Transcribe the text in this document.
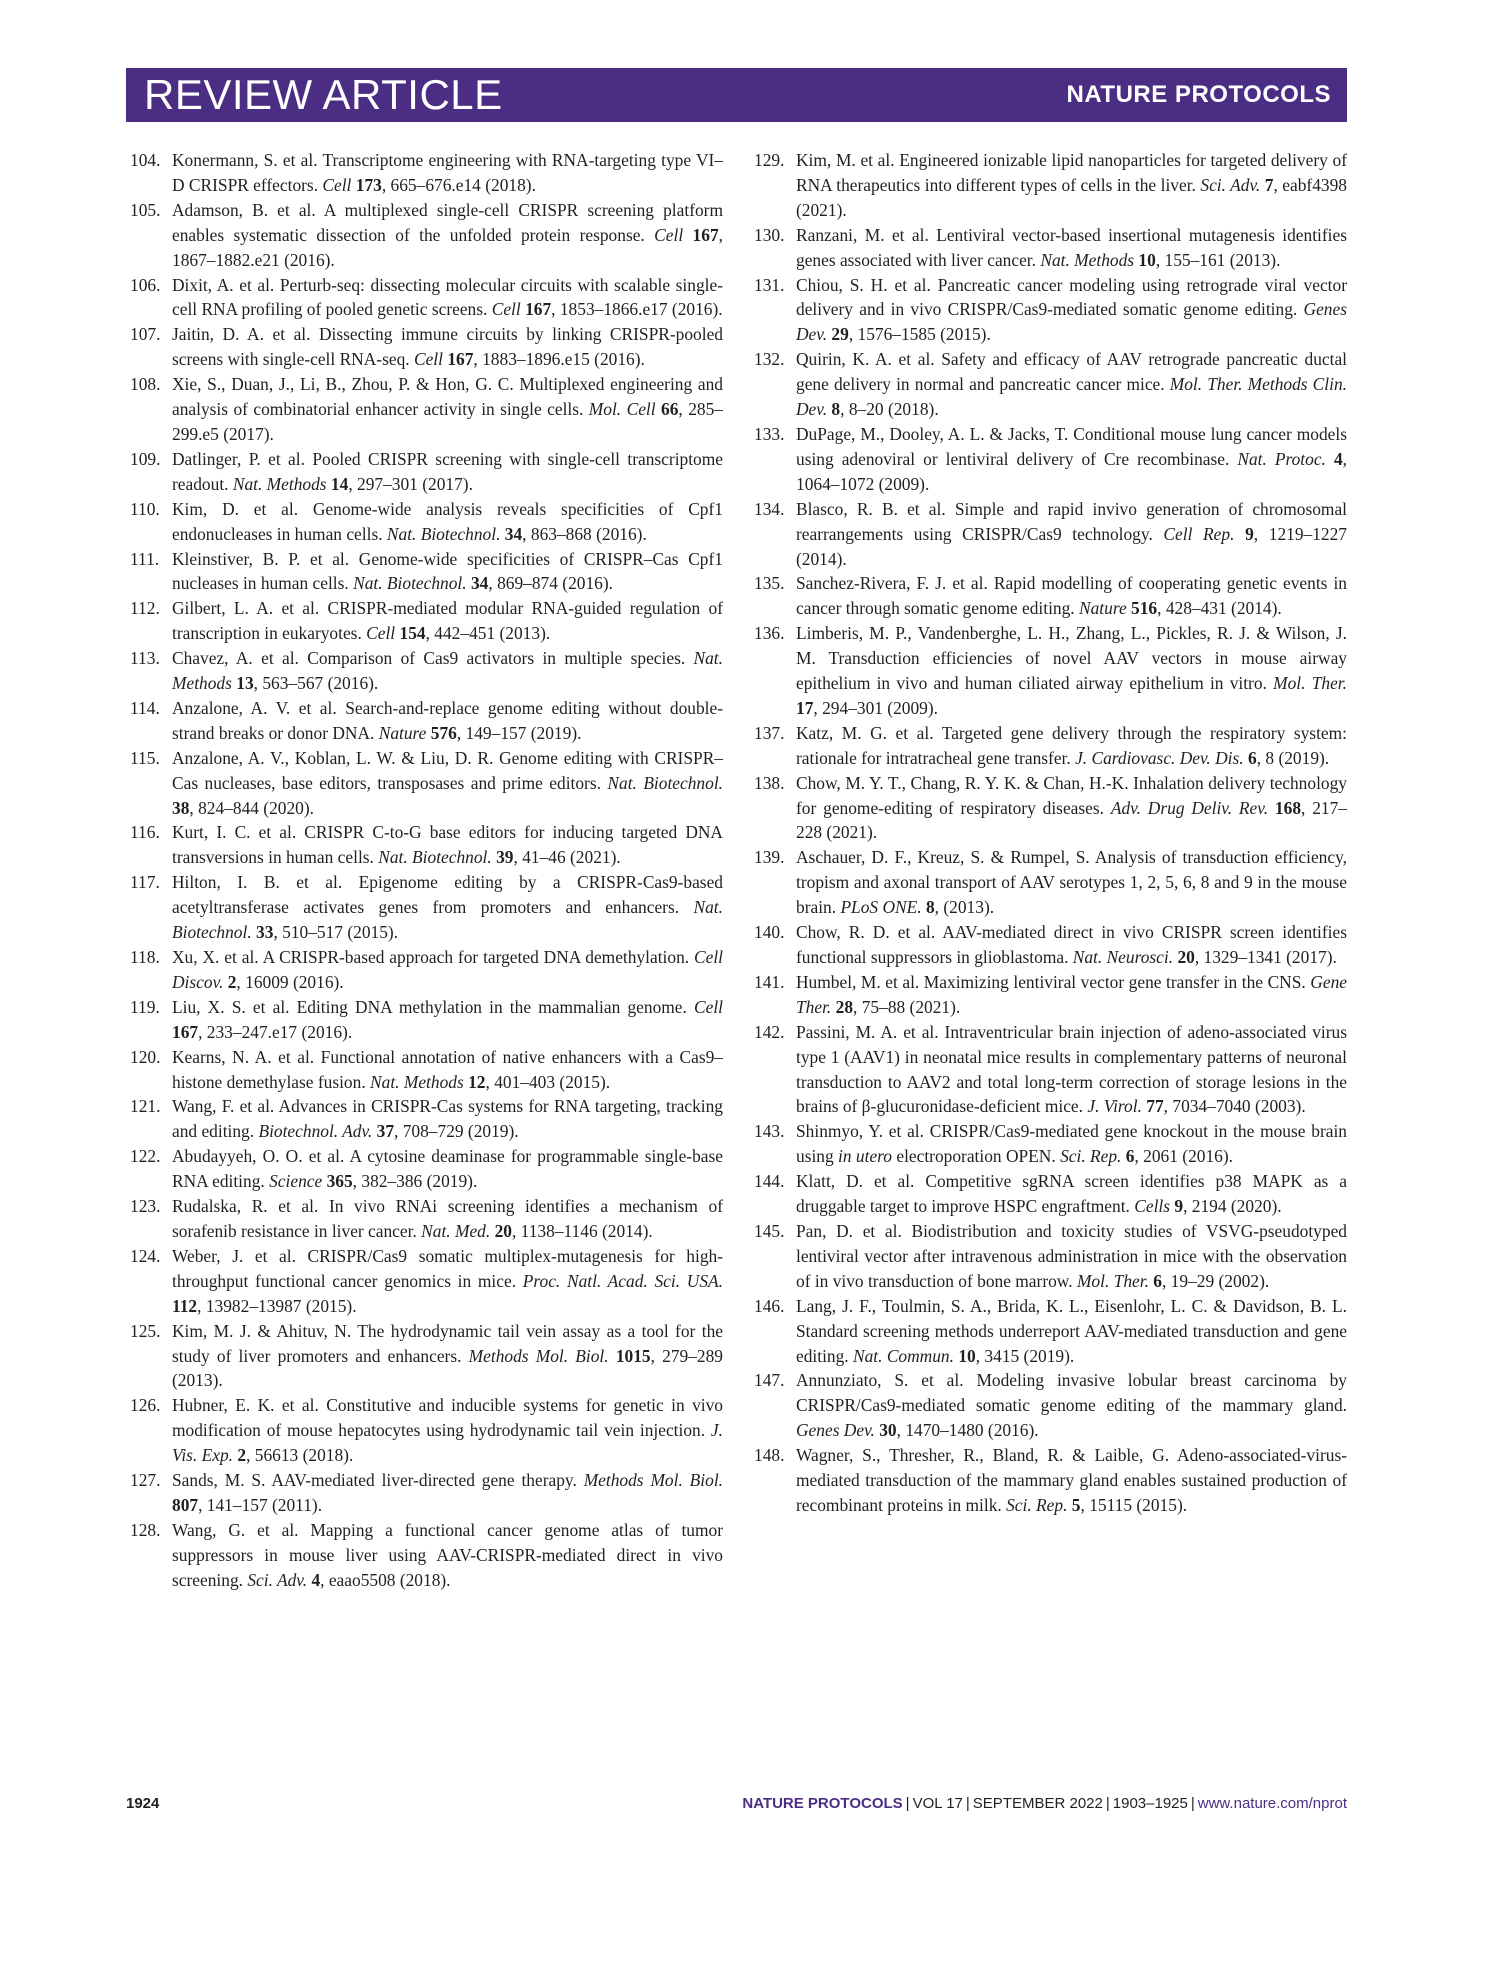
REVIEW ARTICLE	NATURE PROTOCOLS
104. Konermann, S. et al. Transcriptome engineering with RNA-targeting type VI–D CRISPR effectors. Cell 173, 665–676.e14 (2018).
105. Adamson, B. et al. A multiplexed single-cell CRISPR screening platform enables systematic dissection of the unfolded protein response. Cell 167, 1867–1882.e21 (2016).
106. Dixit, A. et al. Perturb-seq: dissecting molecular circuits with scalable single-cell RNA profiling of pooled genetic screens. Cell 167, 1853–1866.e17 (2016).
107. Jaitin, D. A. et al. Dissecting immune circuits by linking CRISPR-pooled screens with single-cell RNA-seq. Cell 167, 1883–1896.e15 (2016).
108. Xie, S., Duan, J., Li, B., Zhou, P. & Hon, G. C. Multiplexed engineering and analysis of combinatorial enhancer activity in single cells. Mol. Cell 66, 285–299.e5 (2017).
109. Datlinger, P. et al. Pooled CRISPR screening with single-cell transcriptome readout. Nat. Methods 14, 297–301 (2017).
110. Kim, D. et al. Genome-wide analysis reveals specificities of Cpf1 endonucleases in human cells. Nat. Biotechnol. 34, 863–868 (2016).
111. Kleinstiver, B. P. et al. Genome-wide specificities of CRISPR–Cas Cpf1 nucleases in human cells. Nat. Biotechnol. 34, 869–874 (2016).
112. Gilbert, L. A. et al. CRISPR-mediated modular RNA-guided regulation of transcription in eukaryotes. Cell 154, 442–451 (2013).
113. Chavez, A. et al. Comparison of Cas9 activators in multiple species. Nat. Methods 13, 563–567 (2016).
114. Anzalone, A. V. et al. Search-and-replace genome editing without double-strand breaks or donor DNA. Nature 576, 149–157 (2019).
115. Anzalone, A. V., Koblan, L. W. & Liu, D. R. Genome editing with CRISPR–Cas nucleases, base editors, transposases and prime editors. Nat. Biotechnol. 38, 824–844 (2020).
116. Kurt, I. C. et al. CRISPR C-to-G base editors for inducing targeted DNA transversions in human cells. Nat. Biotechnol. 39, 41–46 (2021).
117. Hilton, I. B. et al. Epigenome editing by a CRISPR-Cas9-based acetyltransferase activates genes from promoters and enhancers. Nat. Biotechnol. 33, 510–517 (2015).
118. Xu, X. et al. A CRISPR-based approach for targeted DNA demethylation. Cell Discov. 2, 16009 (2016).
119. Liu, X. S. et al. Editing DNA methylation in the mammalian genome. Cell 167, 233–247.e17 (2016).
120. Kearns, N. A. et al. Functional annotation of native enhancers with a Cas9–histone demethylase fusion. Nat. Methods 12, 401–403 (2015).
121. Wang, F. et al. Advances in CRISPR-Cas systems for RNA targeting, tracking and editing. Biotechnol. Adv. 37, 708–729 (2019).
122. Abudayyeh, O. O. et al. A cytosine deaminase for programmable single-base RNA editing. Science 365, 382–386 (2019).
123. Rudalska, R. et al. In vivo RNAi screening identifies a mechanism of sorafenib resistance in liver cancer. Nat. Med. 20, 1138–1146 (2014).
124. Weber, J. et al. CRISPR/Cas9 somatic multiplex-mutagenesis for high-throughput functional cancer genomics in mice. Proc. Natl. Acad. Sci. USA. 112, 13982–13987 (2015).
125. Kim, M. J. & Ahituv, N. The hydrodynamic tail vein assay as a tool for the study of liver promoters and enhancers. Methods Mol. Biol. 1015, 279–289 (2013).
126. Hubner, E. K. et al. Constitutive and inducible systems for genetic in vivo modification of mouse hepatocytes using hydrodynamic tail vein injection. J. Vis. Exp. 2, 56613 (2018).
127. Sands, M. S. AAV-mediated liver-directed gene therapy. Methods Mol. Biol. 807, 141–157 (2011).
128. Wang, G. et al. Mapping a functional cancer genome atlas of tumor suppressors in mouse liver using AAV-CRISPR-mediated direct in vivo screening. Sci. Adv. 4, eaao5508 (2018).
129. Kim, M. et al. Engineered ionizable lipid nanoparticles for targeted delivery of RNA therapeutics into different types of cells in the liver. Sci. Adv. 7, eabf4398 (2021).
130. Ranzani, M. et al. Lentiviral vector-based insertional mutagenesis identifies genes associated with liver cancer. Nat. Methods 10, 155–161 (2013).
131. Chiou, S. H. et al. Pancreatic cancer modeling using retrograde viral vector delivery and in vivo CRISPR/Cas9-mediated somatic genome editing. Genes Dev. 29, 1576–1585 (2015).
132. Quirin, K. A. et al. Safety and efficacy of AAV retrograde pancreatic ductal gene delivery in normal and pancreatic cancer mice. Mol. Ther. Methods Clin. Dev. 8, 8–20 (2018).
133. DuPage, M., Dooley, A. L. & Jacks, T. Conditional mouse lung cancer models using adenoviral or lentiviral delivery of Cre recombinase. Nat. Protoc. 4, 1064–1072 (2009).
134. Blasco, R. B. et al. Simple and rapid invivo generation of chromosomal rearrangements using CRISPR/Cas9 technology. Cell Rep. 9, 1219–1227 (2014).
135. Sanchez-Rivera, F. J. et al. Rapid modelling of cooperating genetic events in cancer through somatic genome editing. Nature 516, 428–431 (2014).
136. Limberis, M. P., Vandenberghe, L. H., Zhang, L., Pickles, R. J. & Wilson, J. M. Transduction efficiencies of novel AAV vectors in mouse airway epithelium in vivo and human ciliated airway epithelium in vitro. Mol. Ther. 17, 294–301 (2009).
137. Katz, M. G. et al. Targeted gene delivery through the respiratory system: rationale for intratracheal gene transfer. J. Cardiovasc. Dev. Dis. 6, 8 (2019).
138. Chow, M. Y. T., Chang, R. Y. K. & Chan, H.-K. Inhalation delivery technology for genome-editing of respiratory diseases. Adv. Drug Deliv. Rev. 168, 217–228 (2021).
139. Aschauer, D. F., Kreuz, S. & Rumpel, S. Analysis of transduction efficiency, tropism and axonal transport of AAV serotypes 1, 2, 5, 6, 8 and 9 in the mouse brain. PLoS ONE. 8, (2013).
140. Chow, R. D. et al. AAV-mediated direct in vivo CRISPR screen identifies functional suppressors in glioblastoma. Nat. Neurosci. 20, 1329–1341 (2017).
141. Humbel, M. et al. Maximizing lentiviral vector gene transfer in the CNS. Gene Ther. 28, 75–88 (2021).
142. Passini, M. A. et al. Intraventricular brain injection of adeno-associated virus type 1 (AAV1) in neonatal mice results in complementary patterns of neuronal transduction to AAV2 and total long-term correction of storage lesions in the brains of β-glucuronidase-deficient mice. J. Virol. 77, 7034–7040 (2003).
143. Shinmyo, Y. et al. CRISPR/Cas9-mediated gene knockout in the mouse brain using in utero electroporation OPEN. Sci. Rep. 6, 2061 (2016).
144. Klatt, D. et al. Competitive sgRNA screen identifies p38 MAPK as a druggable target to improve HSPC engraftment. Cells 9, 2194 (2020).
145. Pan, D. et al. Biodistribution and toxicity studies of VSVG-pseudotyped lentiviral vector after intravenous administration in mice with the observation of in vivo transduction of bone marrow. Mol. Ther. 6, 19–29 (2002).
146. Lang, J. F., Toulmin, S. A., Brida, K. L., Eisenlohr, L. C. & Davidson, B. L. Standard screening methods underreport AAV-mediated transduction and gene editing. Nat. Commun. 10, 3415 (2019).
147. Annunziato, S. et al. Modeling invasive lobular breast carcinoma by CRISPR/Cas9-mediated somatic genome editing of the mammary gland. Genes Dev. 30, 1470–1480 (2016).
148. Wagner, S., Thresher, R., Bland, R. & Laible, G. Adeno-associated-virus-mediated transduction of the mammary gland enables sustained production of recombinant proteins in milk. Sci. Rep. 5, 15115 (2015).
1924	NATURE PROTOCOLS | VOL 17 | SEPTEMBER 2022 | 1903–1925 | www.nature.com/nprot
